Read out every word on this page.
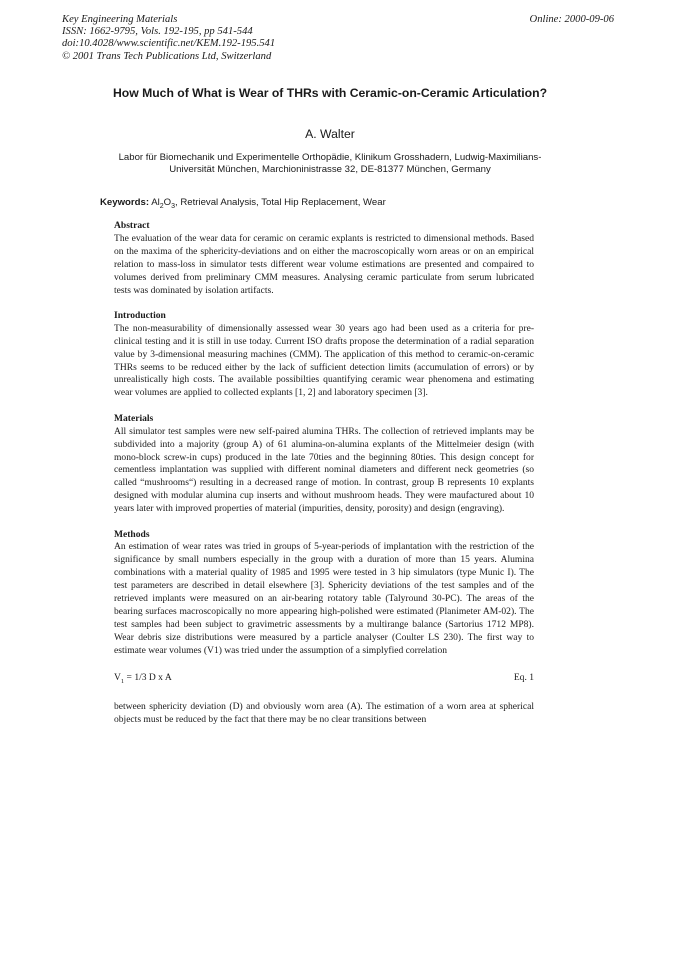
Key Engineering Materials
ISSN: 1662-9795, Vols. 192-195, pp 541-544
doi:10.4028/www.scientific.net/KEM.192-195.541
© 2001 Trans Tech Publications Ltd, Switzerland
Online: 2000-09-06
How Much of What is Wear of THRs with Ceramic-on-Ceramic Articulation?
A. Walter
Labor für Biomechanik und Experimentelle Orthopädie, Klinikum Grosshadern, Ludwig-Maximilians-Universität München, Marchioninistrasse 32, DE-81377 München, Germany
Keywords: $Al_2O_3$, Retrieval Analysis, Total Hip Replacement, Wear

Abstract

The evaluation of the wear data for ceramic on ceramic explants is restricted to dimensional methods. Based on the maxima of the sphericity-deviations and on either the macroscopically worn areas or on an empirical relation to mass-loss in simulator tests different wear volume estimations are presented and compaired to volumes derived from preliminary CMM measures. Analysing ceramic particulate from serum lubricated tests was dominated by isolation artifacts.

Introduction

The non-measurability of dimensionally assessed wear 30 years ago had been used as a criteria for pre-clinical testing and it is still in use today. Current ISO drafts propose the determination of a radial separation value by 3-dimensional measuring machines (CMM). The application of this method to ceramic-on-ceramic THRs seems to be reduced either by the lack of sufficient detection limits (accumulation of errors) or by unrealistically high costs. The available possibilties quantifying ceramic wear phenomena and estimating wear volumes are applied to collected explants [1, 2] and laboratory specimen [3].

Materials

All simulator test samples were new self-paired alumina THRs. The collection of retrieved implants may be subdivided into a majority (group A) of 61 alumina-on-alumina explants of the Mittelmeier design (with mono-block screw-in cups) produced in the late 70ties and the beginning 80ties. This design concept for cementless implantation was supplied with different nominal diameters and different neck geometries (so called “mushrooms“) resulting in a decreased range of motion. In contrast, group B represents 10 explants designed with modular alumina cup inserts and without mushroom heads. They were maufactured about 10 years later with improved properties of material (impurities, density, porosity) and design (engraving).

Methods

An estimation of wear rates was tried in groups of 5-year-periods of implantation with the restriction of the significance by small numbers especially in the group with a duration of more than 15 years. Alumina combinations with a material quality of 1985 and 1995 were tested in 3 hip simulators (type Munic I). The test parameters are described in detail elsewhere [3]. Sphericity deviations of the test samples and of the retrieved implants were measured on an air-bearing rotatory table (Talyround 30-PC). The areas of the bearing surfaces macroscopically no more appearing high-polished were estimated (Planimeter AM-02). The test samples had been subject to gravimetric assessments by a multirange balance (Sartorius 1712 MP8). Wear debris size distributions were measured by a particle analyser (Coulter LS 230). The first way to estimate wear volumes (V1) was tried under the assumption of a simplyfied correlation

$V_1 = 1/3$ D x A	Eq. 1

between sphericity deviation (D) and obviously worn area (A). The estimation of a worn area at spherical objects must be reduced by the fact that there may be no clear transitions between
